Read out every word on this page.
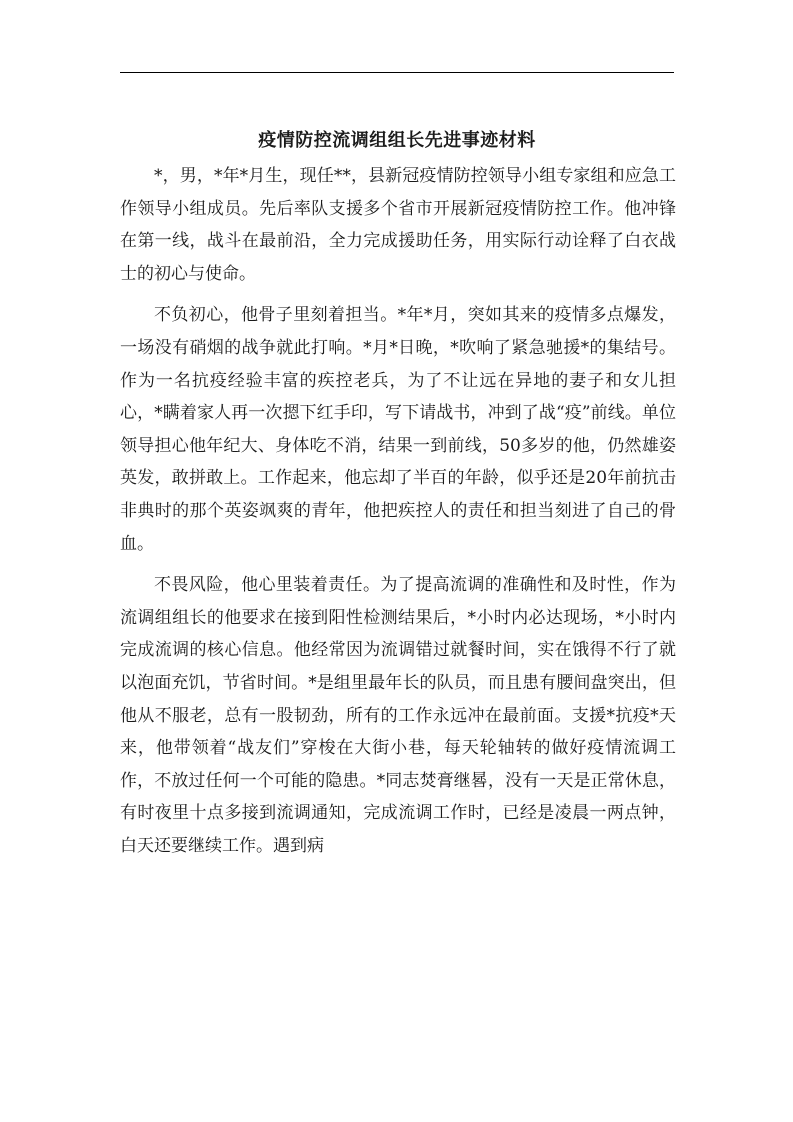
疫情防控流调组组长先进事迹材料

*，男，*年*月生，现任**，县新冠疫情防控领导小组专家组和应急工作领导小组成员。先后率队支援多个省市开展新冠疫情防控工作。他冲锋在第一线，战斗在最前沿，全力完成援助任务，用实际行动诠释了白衣战士的初心与使命。

不负初心，他骨子里刻着担当。*年*月，突如其来的疫情多点爆发，一场没有硝烟的战争就此打响。*月*日晚，*吹响了紧急驰援*的集结号。作为一名抗疫经验丰富的疾控老兵，为了不让远在异地的妻子和女儿担心，*瞒着家人再一次摁下红手印，写下请战书，冲到了战“疫”前线。单位领导担心他年纪大、身体吃不消，结果一到前线，50多岁的他，仍然雄姿英发，敢拼敢上。工作起来，他忘却了半百的年龄，似乎还是20年前抗击非典时的那个英姿飒爽的青年，他把疾控人的责任和担当刻进了自己的骨血。

不畏风险，他心里装着责任。为了提高流调的准确性和及时性，作为流调组组长的他要求在接到阳性检测结果后，*小时内必达现场，*小时内完成流调的核心信息。他经常因为流调错过就餐时间，实在饿得不行了就以泡面充饥，节省时间。*是组里最年长的队员，而且患有腰间盘突出，但他从不服老，总有一股韧劲，所有的工作永远冲在最前面。支援*抗疫*天来，他带领着“战友们”穿梭在大街小巷，每天轮轴转的做好疫情流调工作，不放过任何一个可能的隐患。*同志焚膏继晷，没有一天是正常休息，有时夜里十点多接到流调通知，完成流调工作时，已经是凌晨一两点钟，白天还要继续工作。遇到病
